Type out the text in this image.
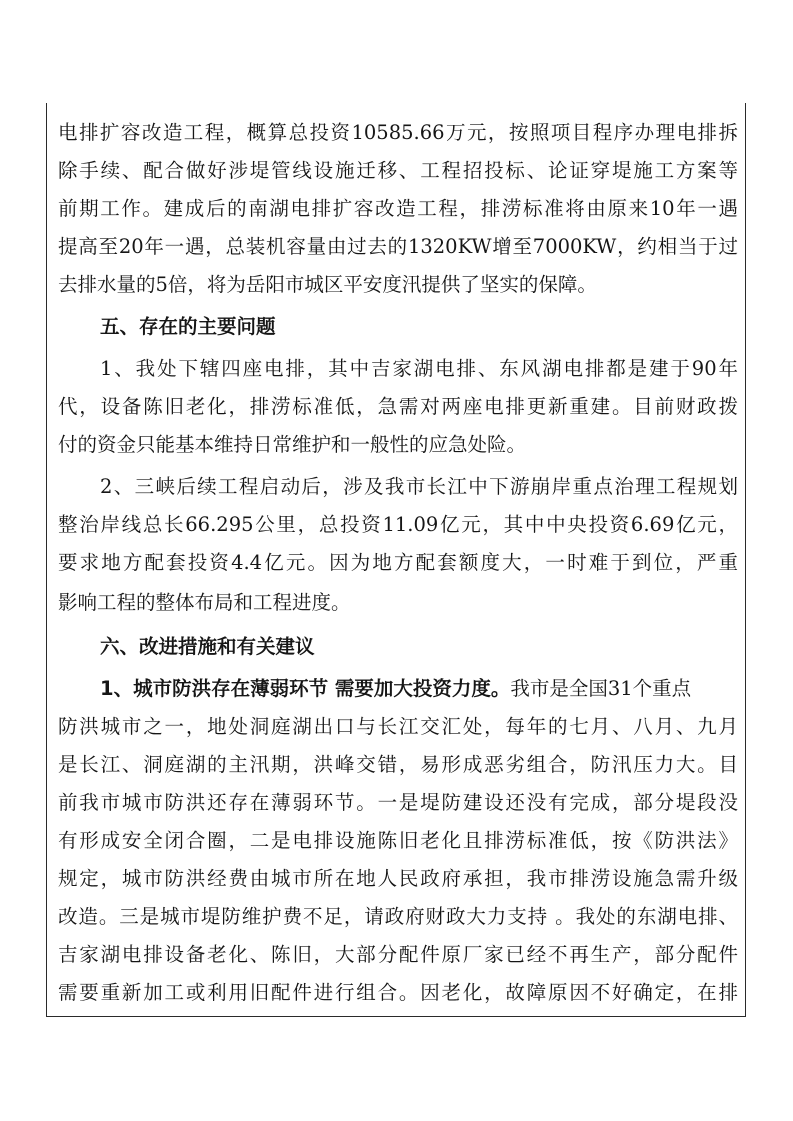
电排扩容改造工程，概算总投资10585.66万元，按照项目程序办理电排拆
除手续、配合做好涉堤管线设施迁移、工程招投标、论证穿堤施工方案等
前期工作。建成后的南湖电排扩容改造工程，排涝标准将由原来10年一遇
提高至20年一遇，总装机容量由过去的1320KW增至7000KW，约相当于过
去排水量的5倍，将为岳阳市城区平安度汛提供了坚实的保障。
五、存在的主要问题
1、我处下辖四座电排，其中吉家湖电排、东风湖电排都是建于90年
代，设备陈旧老化，排涝标准低，急需对两座电排更新重建。目前财政拨
付的资金只能基本维持日常维护和一般性的应急处险。
2、三峡后续工程启动后，涉及我市长江中下游崩岸重点治理工程规划
整治岸线总长66.295公里，总投资11.09亿元，其中中央投资6.69亿元，
要求地方配套投资4.4亿元。因为地方配套额度大，一时难于到位，严重
影响工程的整体布局和工程进度。
六、改进措施和有关建议
1、城市防洪存在薄弱环节 需要加大投资力度。我市是全国31个重点
防洪城市之一，地处洞庭湖出口与长江交汇处，每年的七月、八月、九月
是长江、洞庭湖的主汛期，洪峰交错，易形成恶劣组合，防汛压力大。目
前我市城市防洪还存在薄弱环节。一是堤防建设还没有完成，部分堤段没
有形成安全闭合圈，二是电排设施陈旧老化且排涝标准低，按《防洪法》
规定，城市防洪经费由城市所在地人民政府承担，我市排涝设施急需升级
改造。三是城市堤防维护费不足，请政府财政大力支持 。我处的东湖电排、
吉家湖电排设备老化、陈旧，大部分配件原厂家已经不再生产，部分配件
需要重新加工或利用旧配件进行组合。因老化，故障原因不好确定，在排
